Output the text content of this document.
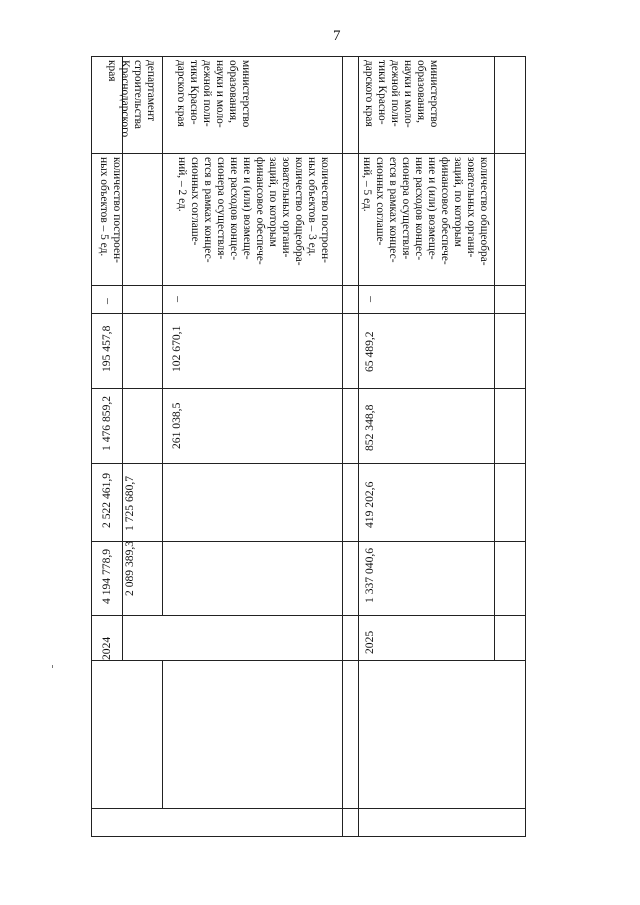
7
2024
4 194 778,9
2 522 461,9
1 476 859,2
195 457,8
–
количество построен-
ных объектов – 5 ед.
департамент
строительства
Краснодарского
края
2 089 389,3
1 725 680,7
261 038,5
102 670,1
–
количество построен-
ных объектов – 3 ед.
количество общеобра-
зовательных органи-
заций, по которым
финансовое обеспече-
ние и (или) возмеще-
ние расходов концес-
сионера осуществля-
ется в рамках концес-
сионных соглаше-
ний, – 2 ед.
министерство
образования,
науки и моло-
дежной поли-
тики Красно-
дарского края
2025
1 337 040,6
419 202,6
852 348,8
65 489,2
–
количество общеобра-
зовательных органи-
заций, по которым
финансовое обеспече-
ние и (или) возмеще-
ние расходов концес-
сионера осуществля-
ется в рамках концес-
сионных соглаше-
ний, – 5 ед.
министерство
образования,
науки и моло-
дежной поли-
тики Красно-
дарского края
